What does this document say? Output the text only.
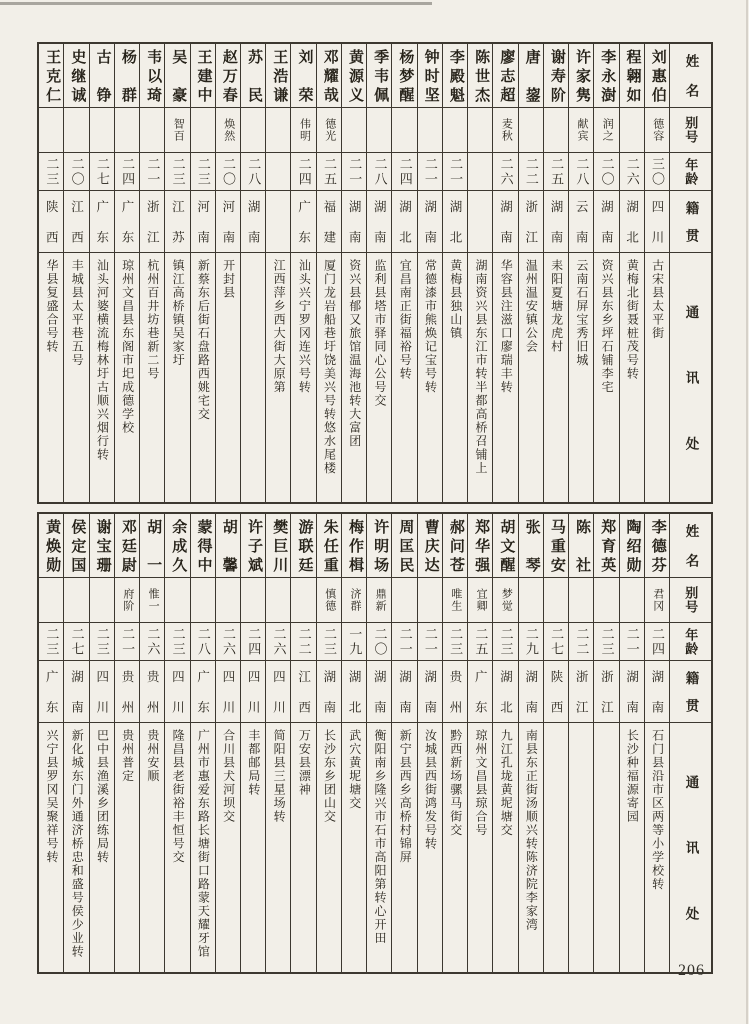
姓名
别号
年龄
籍贯
通讯处
刘惠伯
德容
三〇
四川
古宋县太平街
程翱如
二六
湖北
黄梅北街聂桩茂号转
李永澍
润之
二〇
湖南
资兴县东乡坪石铺李宅
许家隽
献宾
二八
云南
云南石屏宝秀旧城
谢寿阶
二五
湖南
耒阳夏塘龙虎村
唐鋆
二二
浙江
温州温安镇公会
廖志超
麦秋
二六
湖南
华容县注滋口廖瑞丰转
陈世杰
湖南资兴县东江市转半都高桥召铺上
李殿魁
二一
湖北
黄梅县独山镇
钟时坚
二一
湖南
常德漆市熊焕记宝号转
杨梦醒
二四
湖北
宜昌南正街福裕号转
季韦佩
二八
湖南
监利县塔市驿同心公号交
黄源义
二一
湖南
资兴县郁又旅馆温海池转大富团
邓耀哉
德光
二五
福建
厦门龙岩船巷圩饶美兴号转悠水尾楼
刘荣
伟明
二四
广东
汕头兴宁罗冈连兴号转
王浩谦
江西萍乡西大街大原第
苏民
二八
湖南
赵万春
焕然
二〇
河南
开封县
王建中
二三
河南
新蔡东后街石盘路西姚宅交
吴豪
智百
二三
江苏
镇江高桥镇吴家圩
韦以琦
二一
浙江
杭州百井坊巷新二号
杨群
二四
广东
琼州文昌县东阁市圯成德学校
古铮
二七
广东
汕头河婆横流梅林圩古顺兴烟行转
史继诚
二〇
江西
丰城县太平巷五号
王克仁
二三
陕西
华县复盛合号转
姓名
别号
年龄
籍贯
通讯处
李德芬
君冈
二四
湖南
石门县沿市区两等小学校转
陶绍勋
二一
湖南
长沙种福源寄园
郑育英
二三
浙江
陈社
二二
浙江
马重安
二七
陕西
张琴
二九
湖南
南县东正街汤顺兴转陈济院李家湾
胡文醒
梦觉
二三
湖北
九江孔垅黄坭塘交
郑华强
宜卿
二五
广东
琼州文昌县琼合号
郝问苍
唯生
二三
贵州
黔西新场骡马街交
曹庆达
二一
湖南
汝城县西街鸿发号转
周匡民
二一
湖南
新宁县西乡高桥村锦屏
许明场
鼎新
二〇
湖南
衡阳南乡隆兴市石市高阳第转心开田
梅作楫
济群
一九
湖北
武穴黄坭塘交
朱任重
慎德
二三
湖南
长沙东乡团山交
游联廷
二二
江西
万安县漂神
樊巨川
二六
四川
简阳县三星场转
许子斌
二四
四川
丰都邮局转
胡馨
二六
四川
合川县犬河坝交
蒙得中
二八
广东
广州市惠爱东路长塘街口路蒙天耀牙馆
余成久
二三
四川
隆昌县老街裕丰恒号交
胡一
惟一
二六
贵州
贵州安顺
邓廷尉
府阶
二一
贵州
贵州普定
谢宝珊
二三
四川
巴中县渔溪乡团练局转
侯定国
二七
湖南
新化城东门外通济桥忠和盛号侯少业转
黄焕勋
二三
广东
兴宁县罗冈吴聚祥号转
206
